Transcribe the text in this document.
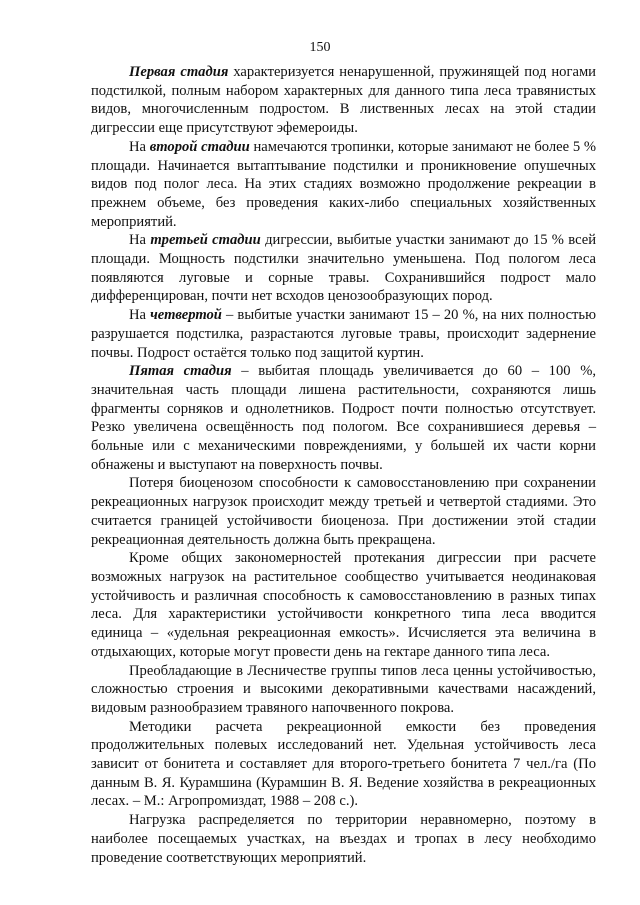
150

Первая стадия характеризуется ненарушенной, пружинящей под ногами подстилкой, полным набором характерных для данного типа леса травянистых видов, многочисленным подростом. В лиственных лесах на этой стадии дигрессии еще присутствуют эфемероиды.

На второй стадии намечаются тропинки, которые занимают не более 5 % площади. Начинается вытаптывание подстилки и проникновение опушечных видов под полог леса. На этих стадиях возможно продолжение рекреации в прежнем объеме, без проведения каких-либо специальных хозяйственных мероприятий.

На третьей стадии дигрессии, выбитые участки занимают до 15 % всей площади. Мощность подстилки значительно уменьшена. Под пологом леса появляются луговые и сорные травы. Сохранившийся подрост мало дифференцирован, почти нет всходов ценозообразующих пород.

На четвертой – выбитые участки занимают 15 – 20 %, на них полностью разрушается подстилка, разрастаются луговые травы, происходит задернение почвы. Подрост остаётся только под защитой куртин.

Пятая стадия – выбитая площадь увеличивается до 60 – 100 %, значительная часть площади лишена растительности, сохраняются лишь фрагменты сорняков и однолетников. Подрост почти полностью отсутствует. Резко увеличена освещённость под пологом. Все сохранившиеся деревья – больные или с механическими повреждениями, у большей их части корни обнажены и выступают на поверхность почвы.

Потеря биоценозом способности к самовосстановлению при сохранении рекреационных нагрузок происходит между третьей и четвертой стадиями. Это считается границей устойчивости биоценоза. При достижении этой стадии рекреационная деятельность должна быть прекращена.

Кроме общих закономерностей протекания дигрессии при расчете возможных нагрузок на растительное сообщество учитывается неодинаковая устойчивость и различная способность к самовосстановлению в разных типах леса. Для характеристики устойчивости конкретного типа леса вводится единица – «удельная рекреационная емкость». Исчисляется эта величина в отдыхающих, которые могут провести день на гектаре данного типа леса.

Преобладающие в Лесничестве группы типов леса ценны устойчивостью, сложностью строения и высокими декоративными качествами насаждений, видовым разнообразием травяного напочвенного покрова.

Методики расчета рекреационной емкости без проведения продолжительных полевых исследований нет. Удельная устойчивость леса зависит от бонитета и составляет для второго-третьего бонитета 7 чел./га (По данным В. Я. Курамшина (Курамшин В. Я. Ведение хозяйства в рекреационных лесах. – М.: Агропромиздат, 1988 – 208 с.).

Нагрузка распределяется по территории неравномерно, поэтому в наиболее посещаемых участках, на въездах и тропах в лесу необходимо проведение соответствующих мероприятий.
